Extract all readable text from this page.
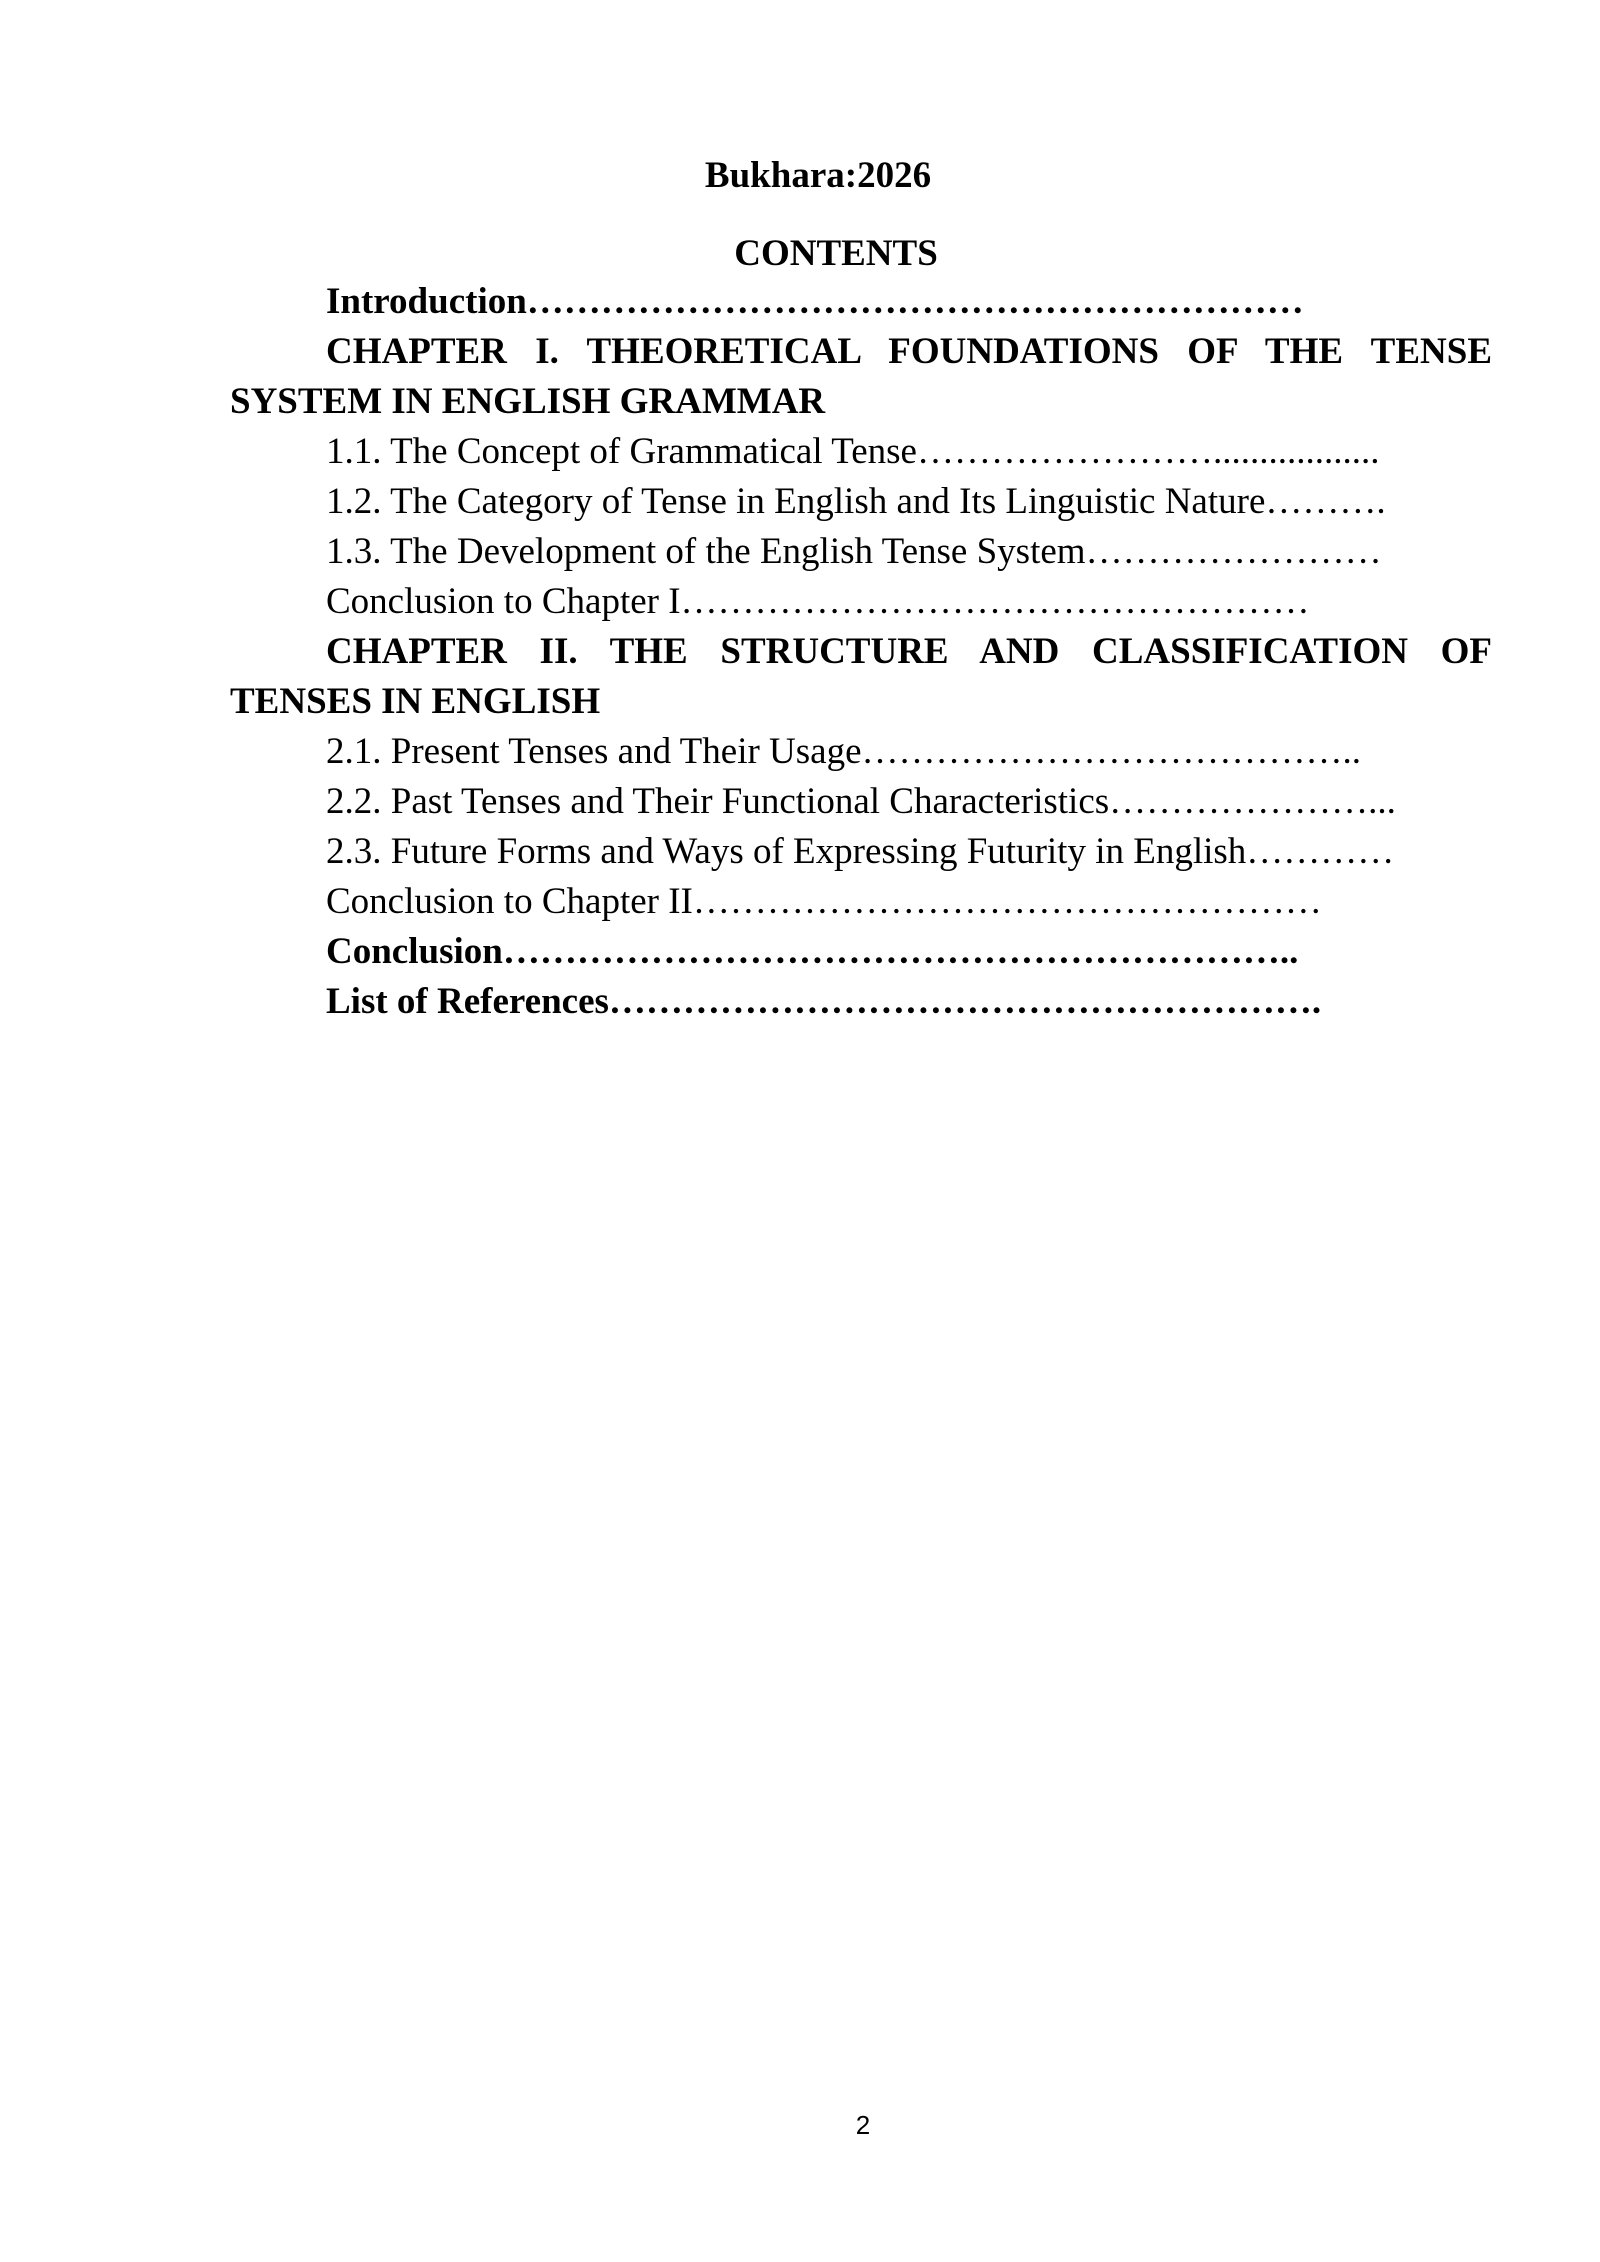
Bukhara:2026
CONTENTS
Introduction………………………………………………………
CHAPTER I. THEORETICAL FOUNDATIONS OF THE TENSE SYSTEM IN ENGLISH GRAMMAR
1.1. The Concept of Grammatical Tense……………………..................
1.2. The Category of Tense in English and Its Linguistic Nature……….
1.3. The Development of the English Tense System……………………
Conclusion to Chapter I……………………………………………
CHAPTER II. THE STRUCTURE AND CLASSIFICATION OF TENSES IN ENGLISH
2.1. Present Tenses and Their Usage…………………………………..
2.2. Past Tenses and Their Functional Characteristics…………………...
2.3. Future Forms and Ways of Expressing Futurity in English…………
Conclusion to Chapter II……………………………………………
Conclusion………………………………………………………..
List of References………………………………………………….
2
